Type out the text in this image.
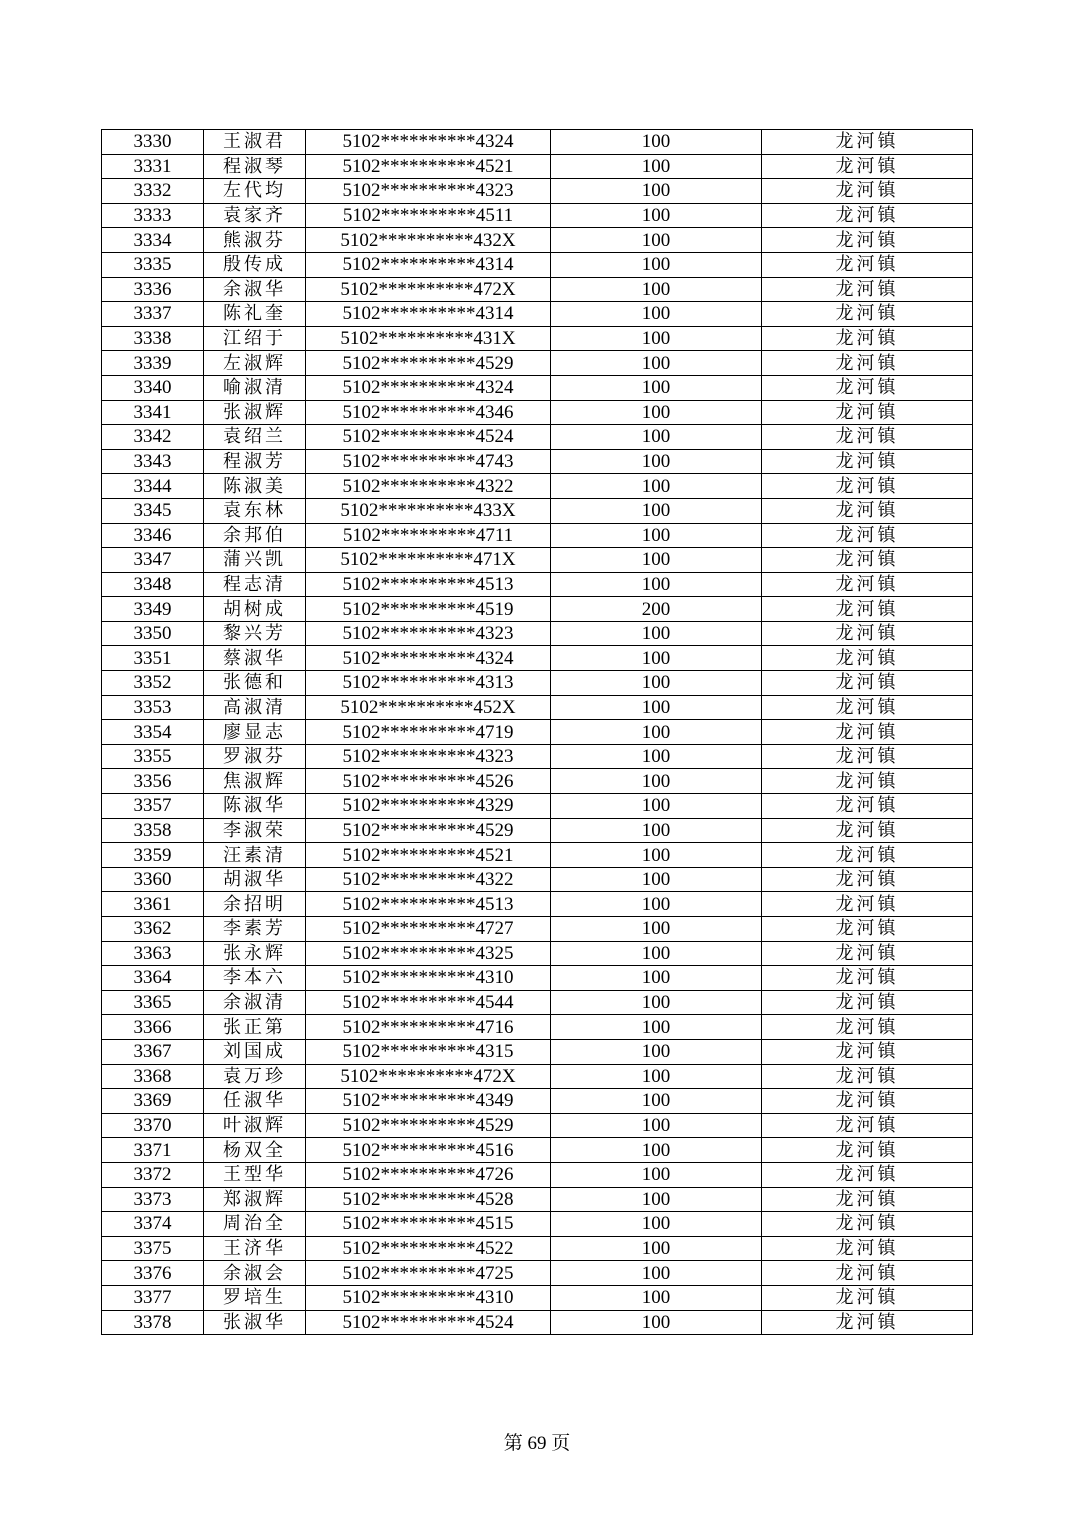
3330	王淑君	5102**********4324	100	龙河镇
3331	程淑琴	5102**********4521	100	龙河镇
3332	左代均	5102**********4323	100	龙河镇
3333	袁家齐	5102**********4511	100	龙河镇
3334	熊淑芬	5102**********432X	100	龙河镇
3335	殷传成	5102**********4314	100	龙河镇
3336	余淑华	5102**********472X	100	龙河镇
3337	陈礼奎	5102**********4314	100	龙河镇
3338	江绍于	5102**********431X	100	龙河镇
3339	左淑辉	5102**********4529	100	龙河镇
3340	喻淑清	5102**********4324	100	龙河镇
3341	张淑辉	5102**********4346	100	龙河镇
3342	袁绍兰	5102**********4524	100	龙河镇
3343	程淑芳	5102**********4743	100	龙河镇
3344	陈淑美	5102**********4322	100	龙河镇
3345	袁东林	5102**********433X	100	龙河镇
3346	余邦伯	5102**********4711	100	龙河镇
3347	蒲兴凯	5102**********471X	100	龙河镇
3348	程志清	5102**********4513	100	龙河镇
3349	胡树成	5102**********4519	200	龙河镇
3350	黎兴芳	5102**********4323	100	龙河镇
3351	蔡淑华	5102**********4324	100	龙河镇
3352	张德和	5102**********4313	100	龙河镇
3353	高淑清	5102**********452X	100	龙河镇
3354	廖显志	5102**********4719	100	龙河镇
3355	罗淑芬	5102**********4323	100	龙河镇
3356	焦淑辉	5102**********4526	100	龙河镇
3357	陈淑华	5102**********4329	100	龙河镇
3358	李淑荣	5102**********4529	100	龙河镇
3359	汪素清	5102**********4521	100	龙河镇
3360	胡淑华	5102**********4322	100	龙河镇
3361	余招明	5102**********4513	100	龙河镇
3362	李素芳	5102**********4727	100	龙河镇
3363	张永辉	5102**********4325	100	龙河镇
3364	李本六	5102**********4310	100	龙河镇
3365	余淑清	5102**********4544	100	龙河镇
3366	张正第	5102**********4716	100	龙河镇
3367	刘国成	5102**********4315	100	龙河镇
3368	袁万珍	5102**********472X	100	龙河镇
3369	任淑华	5102**********4349	100	龙河镇
3370	叶淑辉	5102**********4529	100	龙河镇
3371	杨双全	5102**********4516	100	龙河镇
3372	王型华	5102**********4726	100	龙河镇
3373	郑淑辉	5102**********4528	100	龙河镇
3374	周治全	5102**********4515	100	龙河镇
3375	王济华	5102**********4522	100	龙河镇
3376	余淑会	5102**********4725	100	龙河镇
3377	罗培生	5102**********4310	100	龙河镇
3378	张淑华	5102**********4524	100	龙河镇
第 69 页
